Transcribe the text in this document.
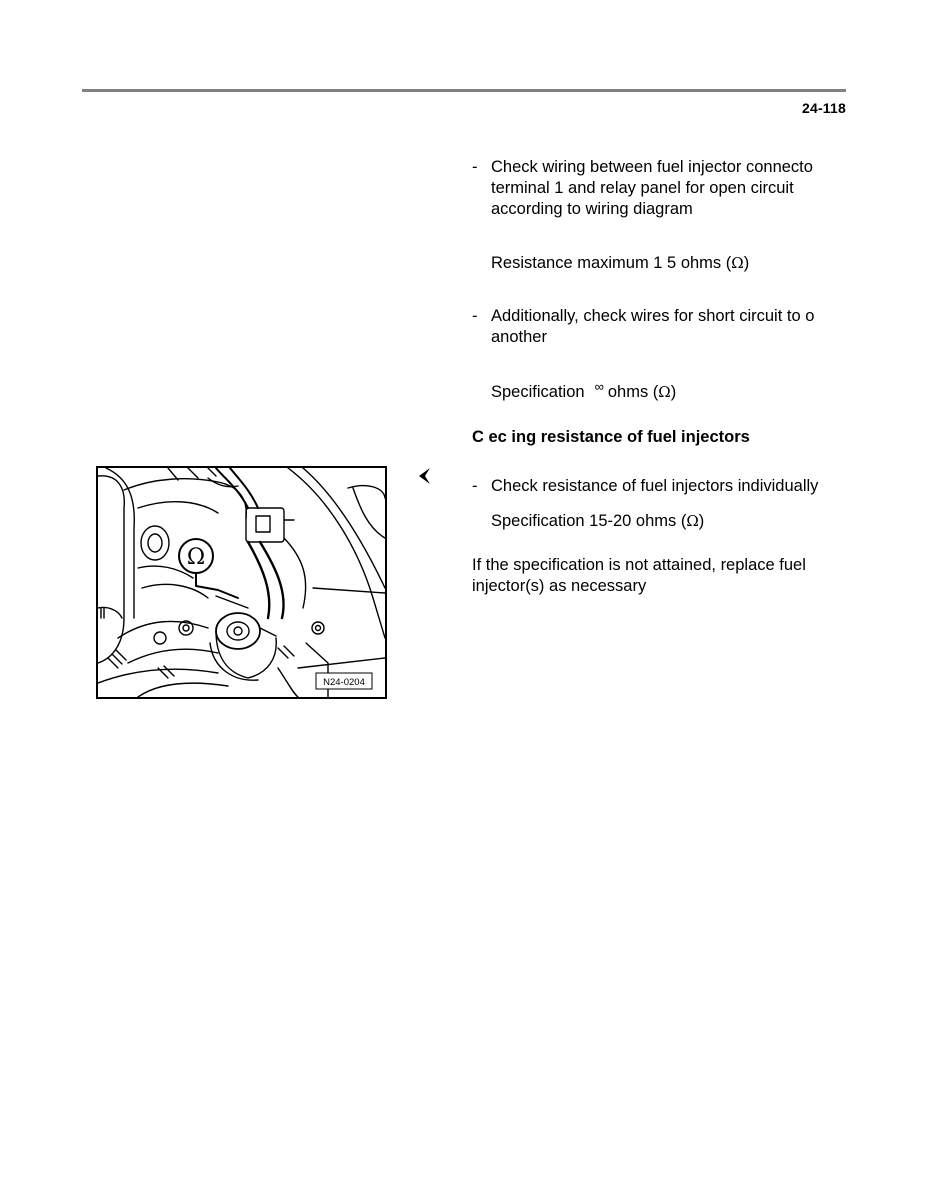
24-118
- Check wiring between fuel injector connecto
terminal 1 and relay panel for open circuit
according to wiring diagram
Resistance maximum 1 5 ohms (Ω)
- Additionally, check wires for short circuit to o
another
Specification ∞ ohms (Ω)
C ec ing resistance of fuel injectors
- Check resistance of fuel injectors individually
Specification 15-20 ohms (Ω)
If the specification is not attained, replace fuel
injector(s) as necessary
Ω
N24-0204
